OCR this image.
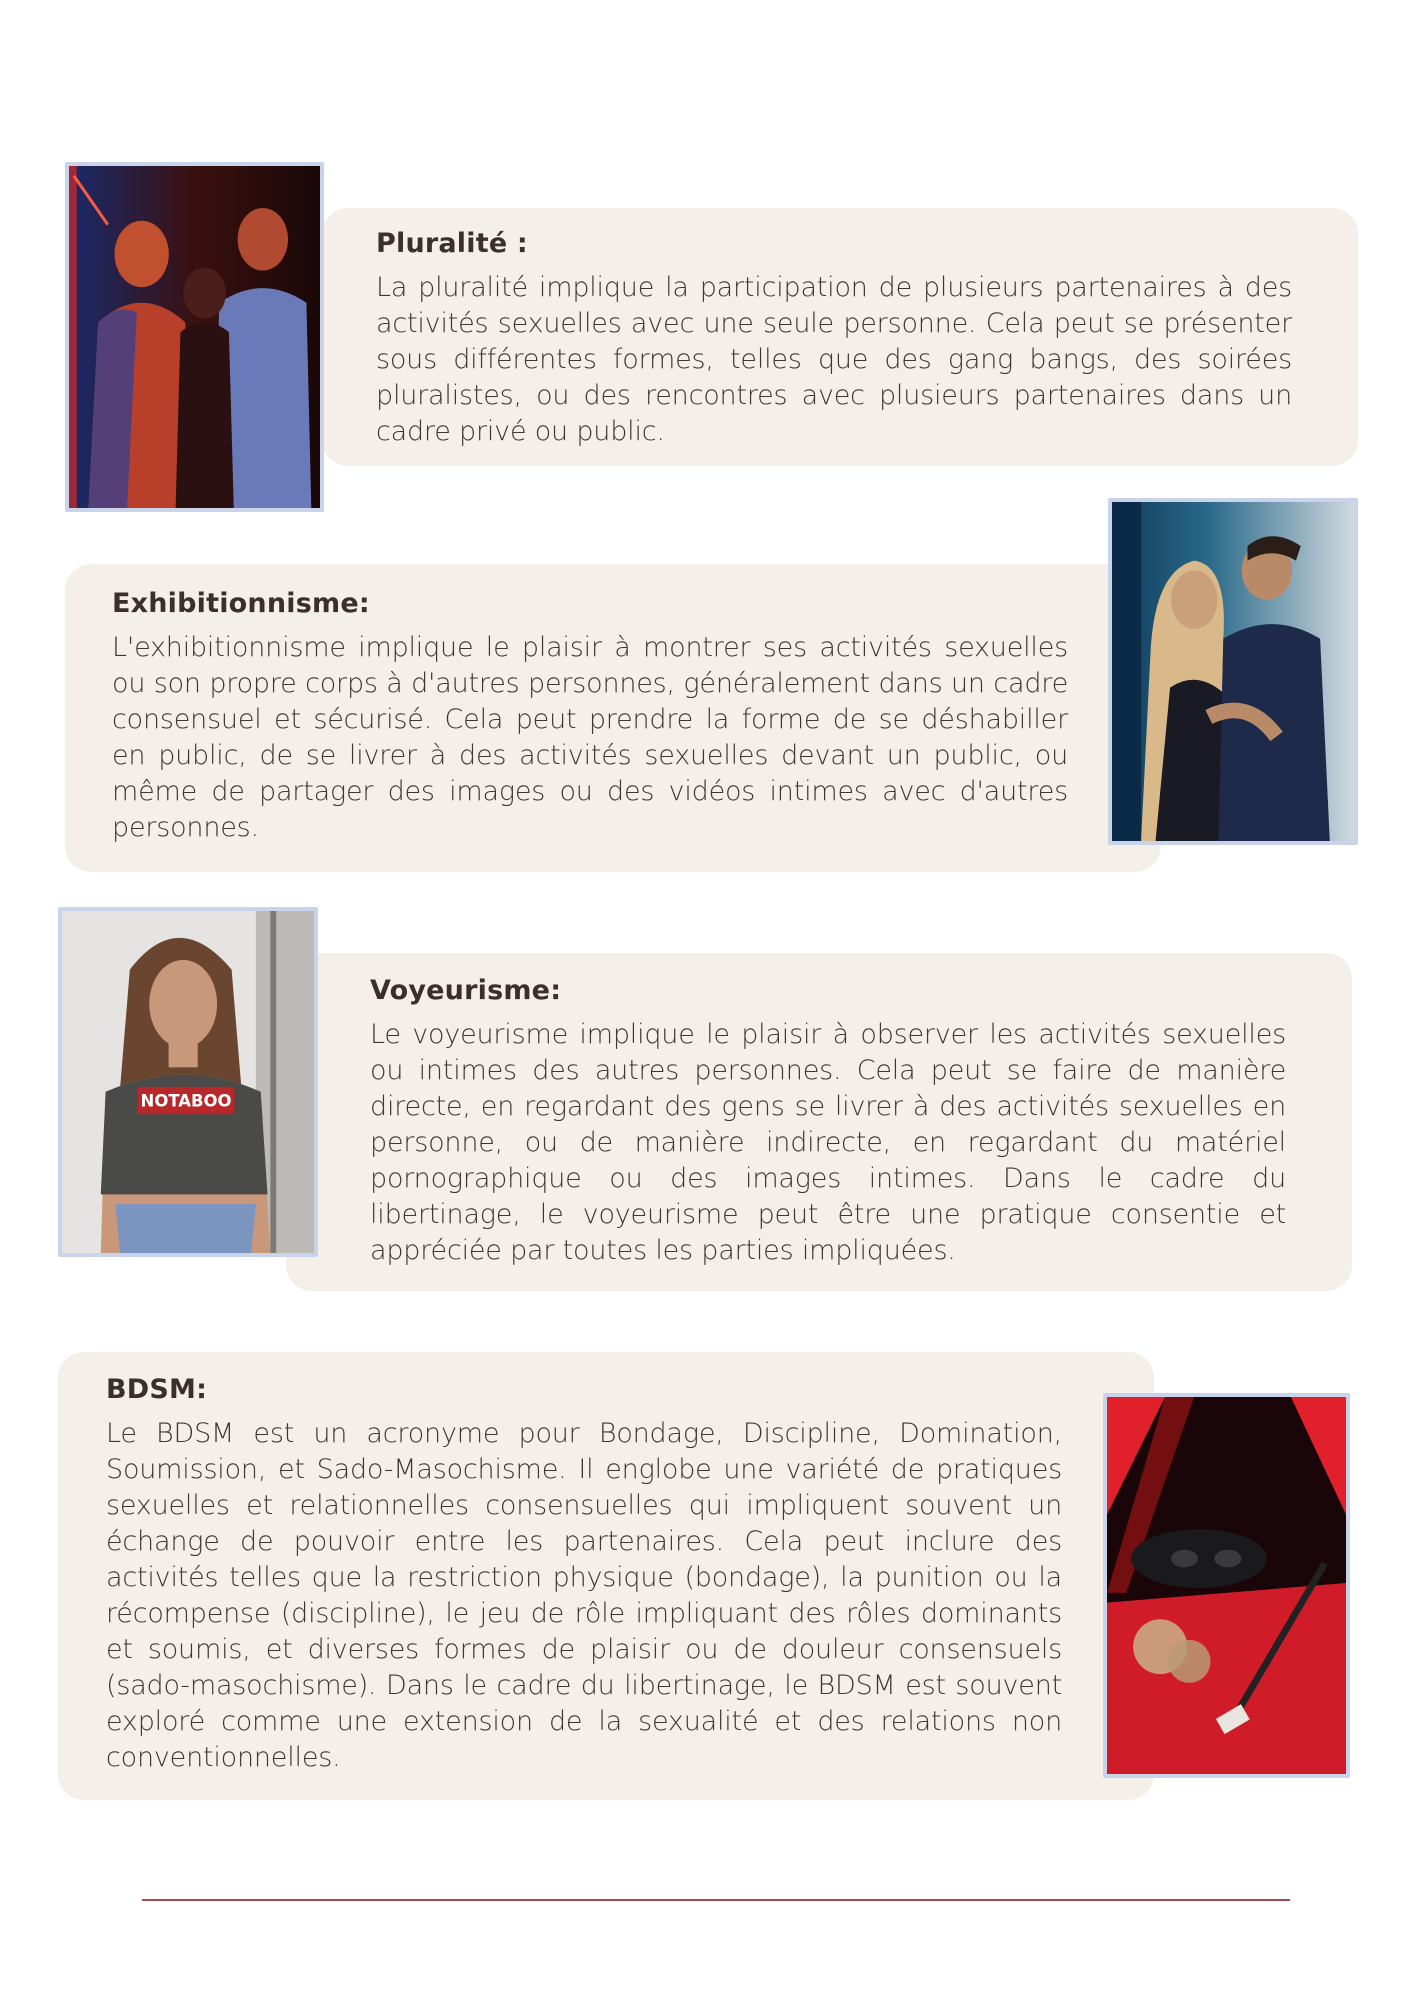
Pluralité :
La pluralité implique la participation de plusieurs partenaires à des activités sexuelles avec une seule personne. Cela peut se présenter sous différentes formes, telles que des gang bangs, des soirées pluralistes, ou des rencontres avec plusieurs partenaires dans un cadre privé ou public.
Exhibitionnisme:
L'exhibitionnisme implique le plaisir à montrer ses activités sexuelles ou son propre corps à d'autres personnes, généralement dans un cadre consensuel et sécurisé. Cela peut prendre la forme de se déshabiller en public, de se livrer à des activités sexuelles devant un public, ou même de partager des images ou des vidéos intimes avec d'autres personnes.
NOTABOO
Voyeurisme:
Le voyeurisme implique le plaisir à observer les activités sexuelles ou intimes des autres personnes. Cela peut se faire de manière directe, en regardant des gens se livrer à des activités sexuelles en personne, ou de manière indirecte, en regardant du matériel pornographique ou des images intimes. Dans le cadre du libertinage, le voyeurisme peut être une pratique consentie et appréciée par toutes les parties impliquées.
BDSM:
Le BDSM est un acronyme pour Bondage, Discipline, Domination, Soumission, et Sado-Masochisme. Il englobe une variété de pratiques sexuelles et relationnelles consensuelles qui impliquent souvent un échange de pouvoir entre les partenaires. Cela peut inclure des activités telles que la restriction physique (bondage), la punition ou la récompense (discipline), le jeu de rôle impliquant des rôles dominants et soumis, et diverses formes de plaisir ou de douleur consensuels (sado-masochisme). Dans le cadre du libertinage, le BDSM est souvent exploré comme une extension de la sexualité et des relations non conventionnelles.
